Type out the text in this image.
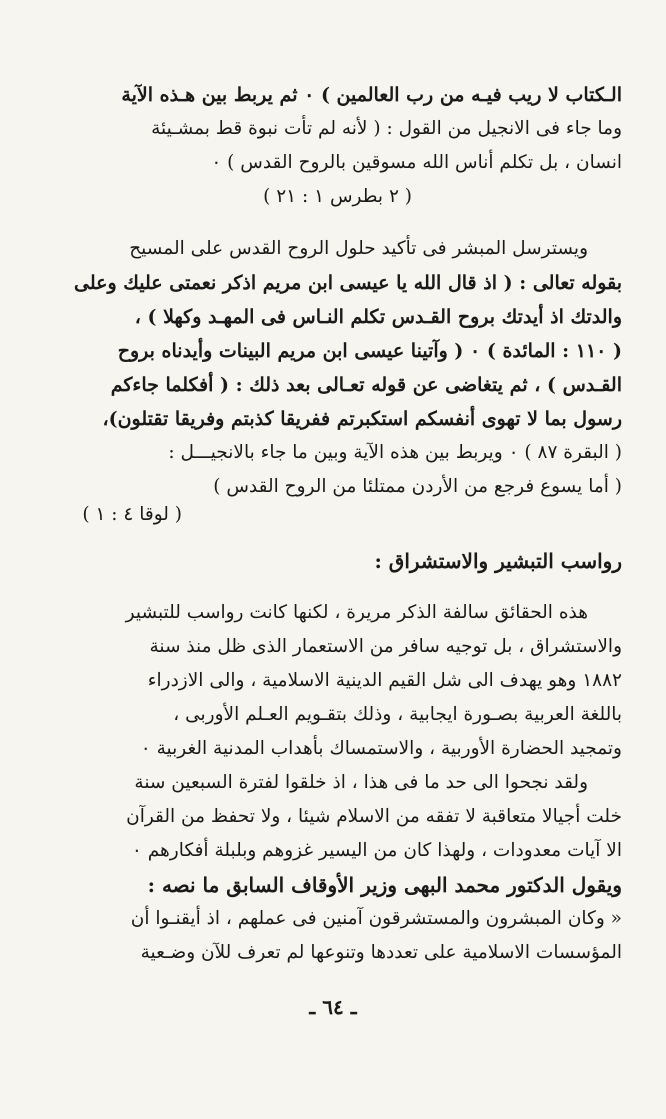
الـكتاب لا ريب فيـه من رب العالمين ) ٠ ثم يربط بين هـذه الآية
وما جاء فى الانجيل من القول : ( لأنه لم تأت نبوة قط بمشـيئة
انسان ، بل تكلم أناس الله مسوقين بالروح القدس ) ٠
( ٢ بطرس ١ : ٢١ )
ويسترسل المبشر فى تأكيد حلول الروح القدس على المسيح
بقوله تعالى : ( اذ قال الله يا عيسى ابن مريم اذكر نعمتى عليك وعلى
والدتك اذ أيدتك بروح القـدس تكلم النـاس فى المهـد وكهلا ) ،
( ١١٠ : المائدة ) ٠ ( وآتينا عيسى ابن مريم البينات وأيدناه بروح
القـدس ) ، ثم يتغاضى عن قوله تعـالى بعد ذلك : ( أفكلما جاءكم
رسول بما لا تهوى أنفسكم استكبرتم ففريقا كذبتم وفريقا تقتلون)،
( البقرة ٨٧ ) ٠ ويربط بين هذه الآية وبين ما جاء بالانجيـــل :
( أما يسوع فرجع من الأردن ممتلئا من الروح القدس )
( لوقا ٤ : ١ )
رواسب التبشير والاستشراق :
هذه الحقائق سالفة الذكر مريرة ، لكنها كانت رواسب للتبشير
والاستشراق ، بل توجيه سافر من الاستعمار الذى ظل منذ سنة
١٨٨٢ وهو يهدف الى شل القيم الدينية الاسلامية ، والى الازدراء
باللغة العربية بصـورة ايجابية ، وذلك بتقـويم العـلم الأوربى ،
وتمجيد الحضارة الأوربية ، والاستمساك بأهداب المدنية الغربية ٠
ولقد نجحوا الى حد ما فى هذا ، اذ خلقوا لفترة السبعين سنة
خلت أجيالا متعاقبة لا تفقه من الاسلام شيئا ، ولا تحفظ من القرآن
الا آيات معدودات ، ولهذا كان من اليسير غزوهم وبلبلة أفكارهم ٠
ويقول الدكتور محمد البهى وزير الأوقاف السابق ما نصه :
« وكان المبشرون والمستشرقون آمنين فى عملهم ، اذ أيقنـوا أن
المؤسسات الاسلامية على تعددها وتنوعها لم تعرف للآن وضـعية
ـ ٦٤ ـ
